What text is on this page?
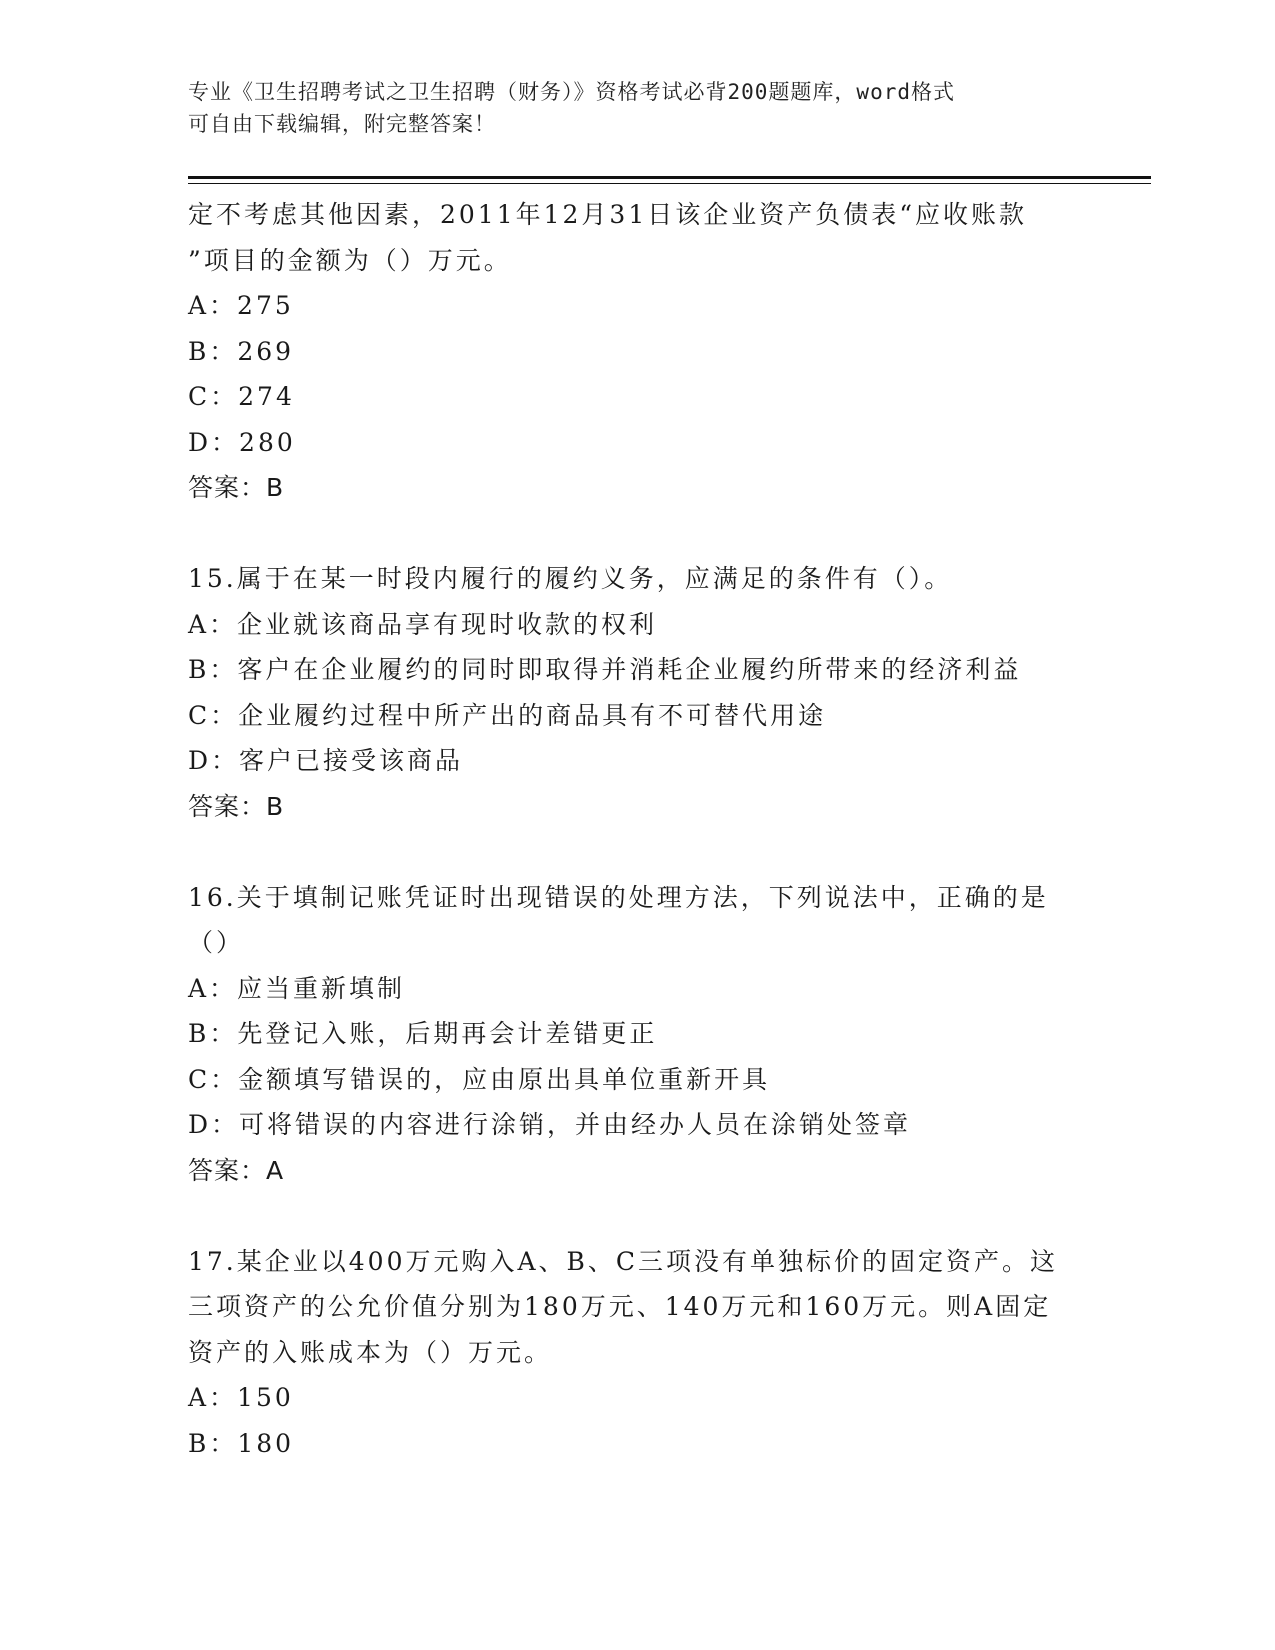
专业《卫生招聘考试之卫生招聘（财务）》资格考试必背200题题库，word格式
可自由下载编辑，附完整答案！
定不考虑其他因素，2011年12月31日该企业资产负债表“应收账款
”项目的金额为（）万元。
A：275
B：269
C：274
D：280
答案：B
15.属于在某一时段内履行的履约义务，应满足的条件有（）。
A：企业就该商品享有现时收款的权利
B：客户在企业履约的同时即取得并消耗企业履约所带来的经济利益
C：企业履约过程中所产出的商品具有不可替代用途
D：客户已接受该商品
答案：B
16.关于填制记账凭证时出现错误的处理方法，下列说法中，正确的是
（）
A：应当重新填制
B：先登记入账，后期再会计差错更正
C：金额填写错误的，应由原出具单位重新开具
D：可将错误的内容进行涂销，并由经办人员在涂销处签章
答案：A
17.某企业以400万元购入A、B、C三项没有单独标价的固定资产。这
三项资产的公允价值分别为180万元、140万元和160万元。则A固定
资产的入账成本为（）万元。
A：150
B：180
